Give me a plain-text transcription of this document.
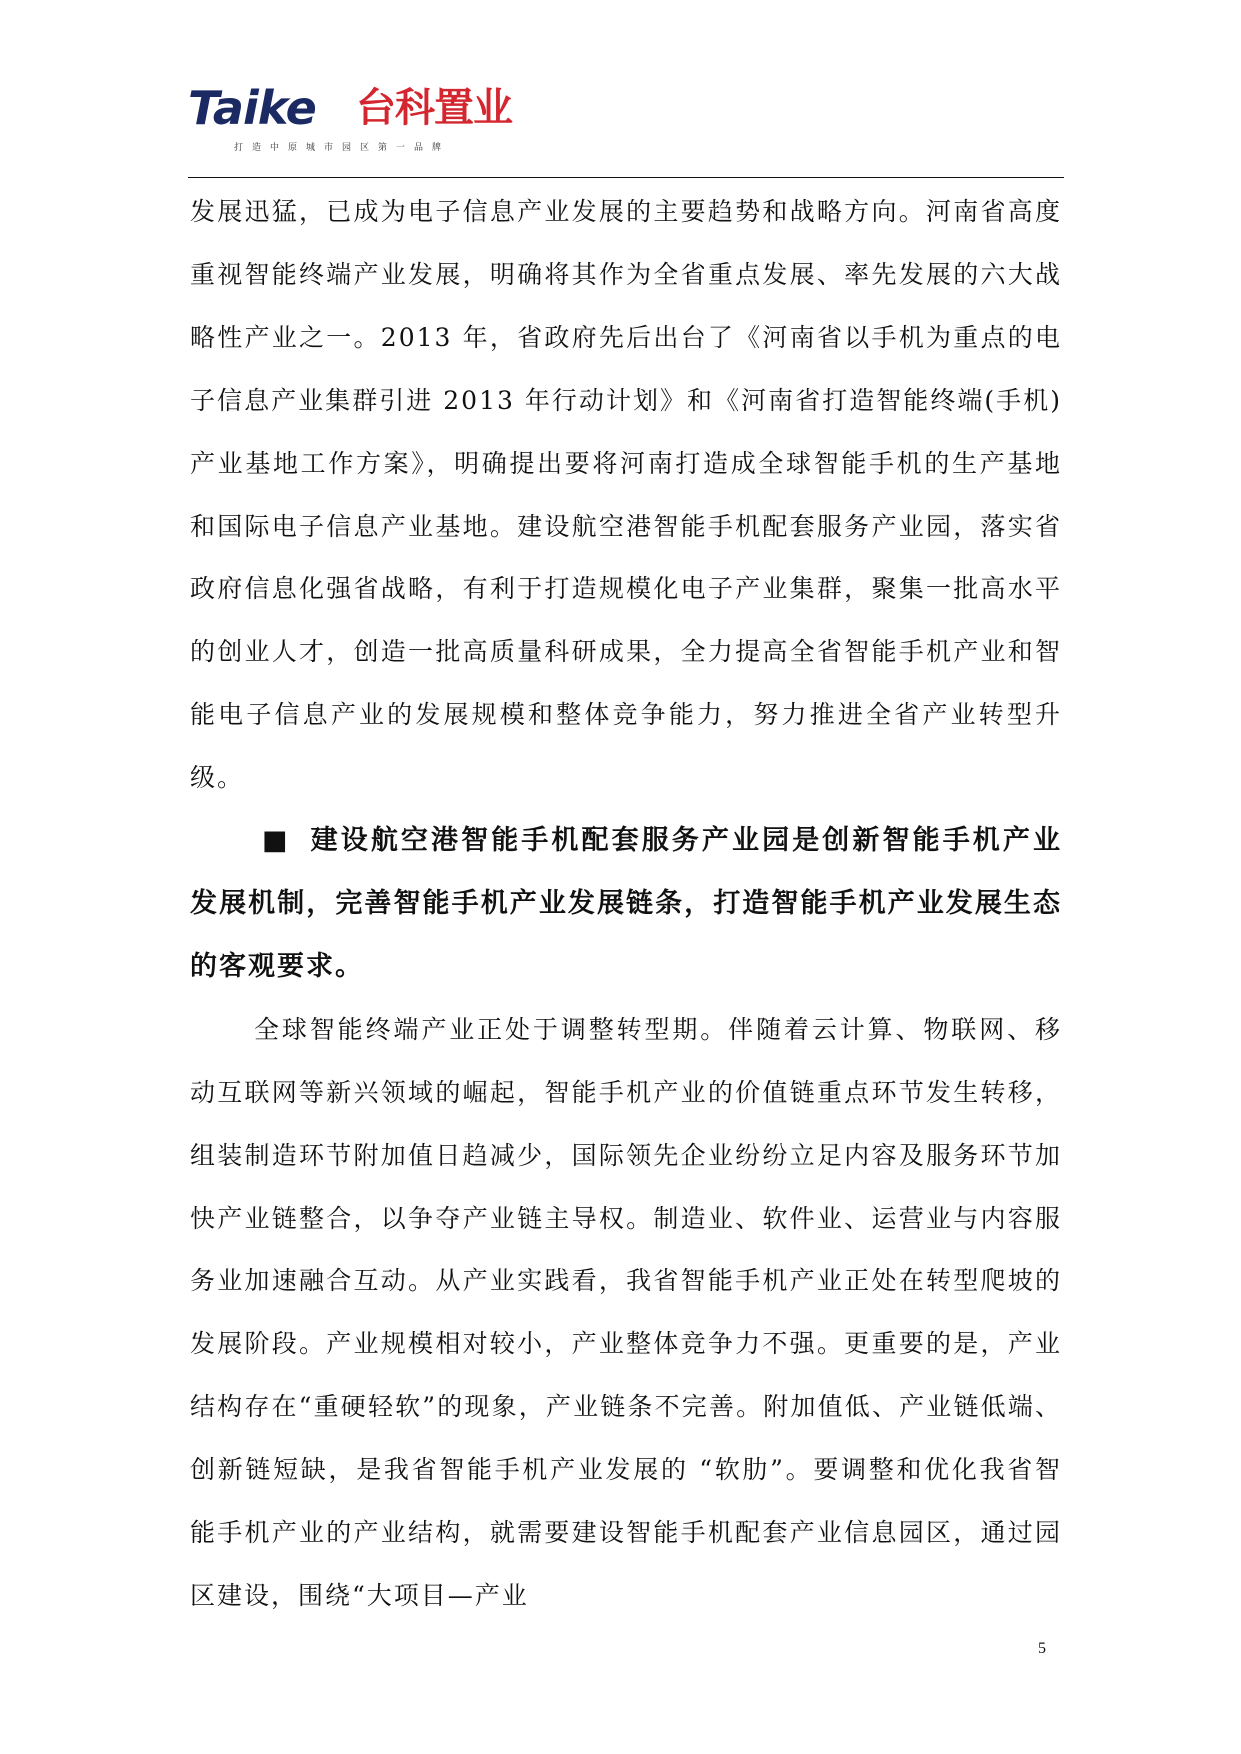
Taike 台科置业
打造中原城市园区第一品牌

发展迅猛，已成为电子信息产业发展的主要趋势和战略方向。河南省高度重视智能终端产业发展，明确将其作为全省重点发展、率先发展的六大战略性产业之一。2013 年，省政府先后出台了《河南省以手机为重点的电子信息产业集群引进 2013 年行动计划》和《河南省打造智能终端(手机)产业基地工作方案》，明确提出要将河南打造成全球智能手机的生产基地和国际电子信息产业基地。建设航空港智能手机配套服务产业园，落实省政府信息化强省战略，有利于打造规模化电子产业集群，聚集一批高水平的创业人才，创造一批高质量科研成果，全力提高全省智能手机产业和智能电子信息产业的发展规模和整体竞争能力，努力推进全省产业转型升级。

■ 建设航空港智能手机配套服务产业园是创新智能手机产业发展机制，完善智能手机产业发展链条，打造智能手机产业发展生态的客观要求。

全球智能终端产业正处于调整转型期。伴随着云计算、物联网、移动互联网等新兴领域的崛起，智能手机产业的价值链重点环节发生转移，组装制造环节附加值日趋减少，国际领先企业纷纷立足内容及服务环节加快产业链整合，以争夺产业链主导权。制造业、软件业、运营业与内容服务业加速融合互动。从产业实践看，我省智能手机产业正处在转型爬坡的发展阶段。产业规模相对较小，产业整体竞争力不强。更重要的是，产业结构存在“重硬轻软”的现象，产业链条不完善。附加值低、产业链低端、创新链短缺，是我省智能手机产业发展的 “软肋”。要调整和优化我省智能手机产业的产业结构，就需要建设智能手机配套产业信息园区，通过园区建设，围绕“大项目—产业

5
